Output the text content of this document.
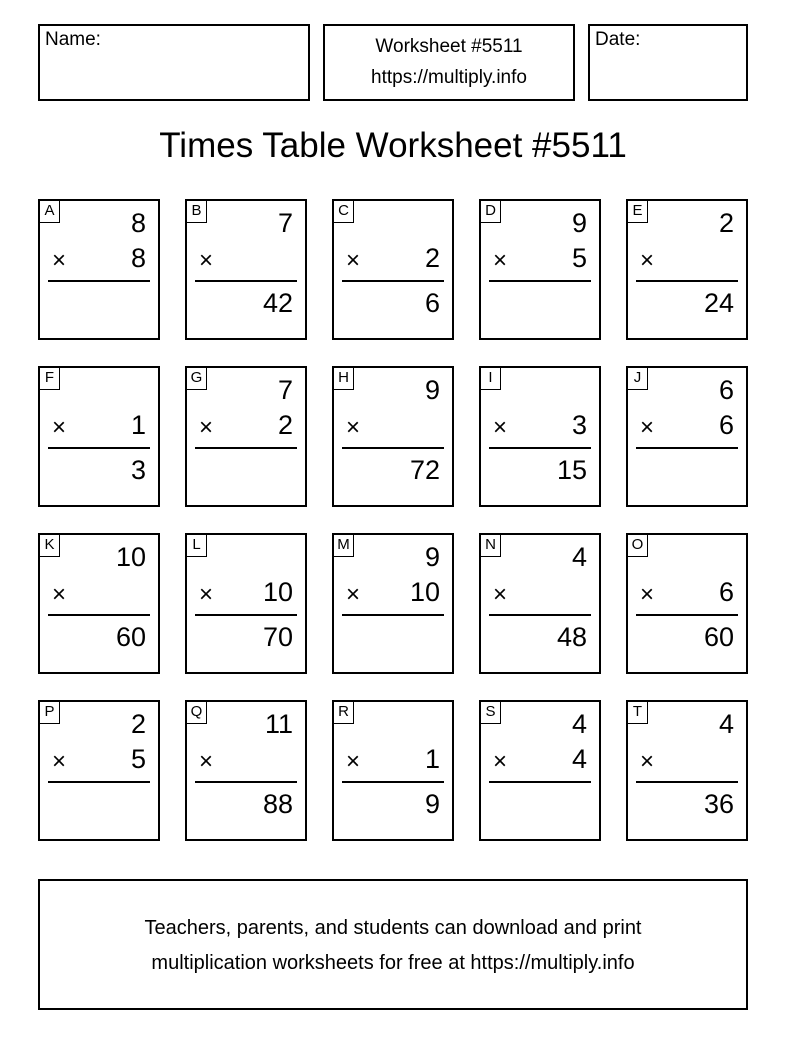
Name:	Worksheet #5511
https://multiply.info
Date:
Times Table Worksheet #5511
A	8
× 8
B	7
×
42
C
× 2
6
D	9
× 5
E	2
×
24
F
× 1
3
G	7
× 2
H	9
×
72
I
× 3
15
J	6
× 6
K 10
×
60
L
× 10
70
M	9
× 10
N	4
×
48
O
× 6
60
P	2
× 5
Q 11
×
88
R
× 1
9
S	4
× 4
T	4
×
36
Teachers, parents, and students can download and print
multiplication worksheets for free at https://multiply.info
